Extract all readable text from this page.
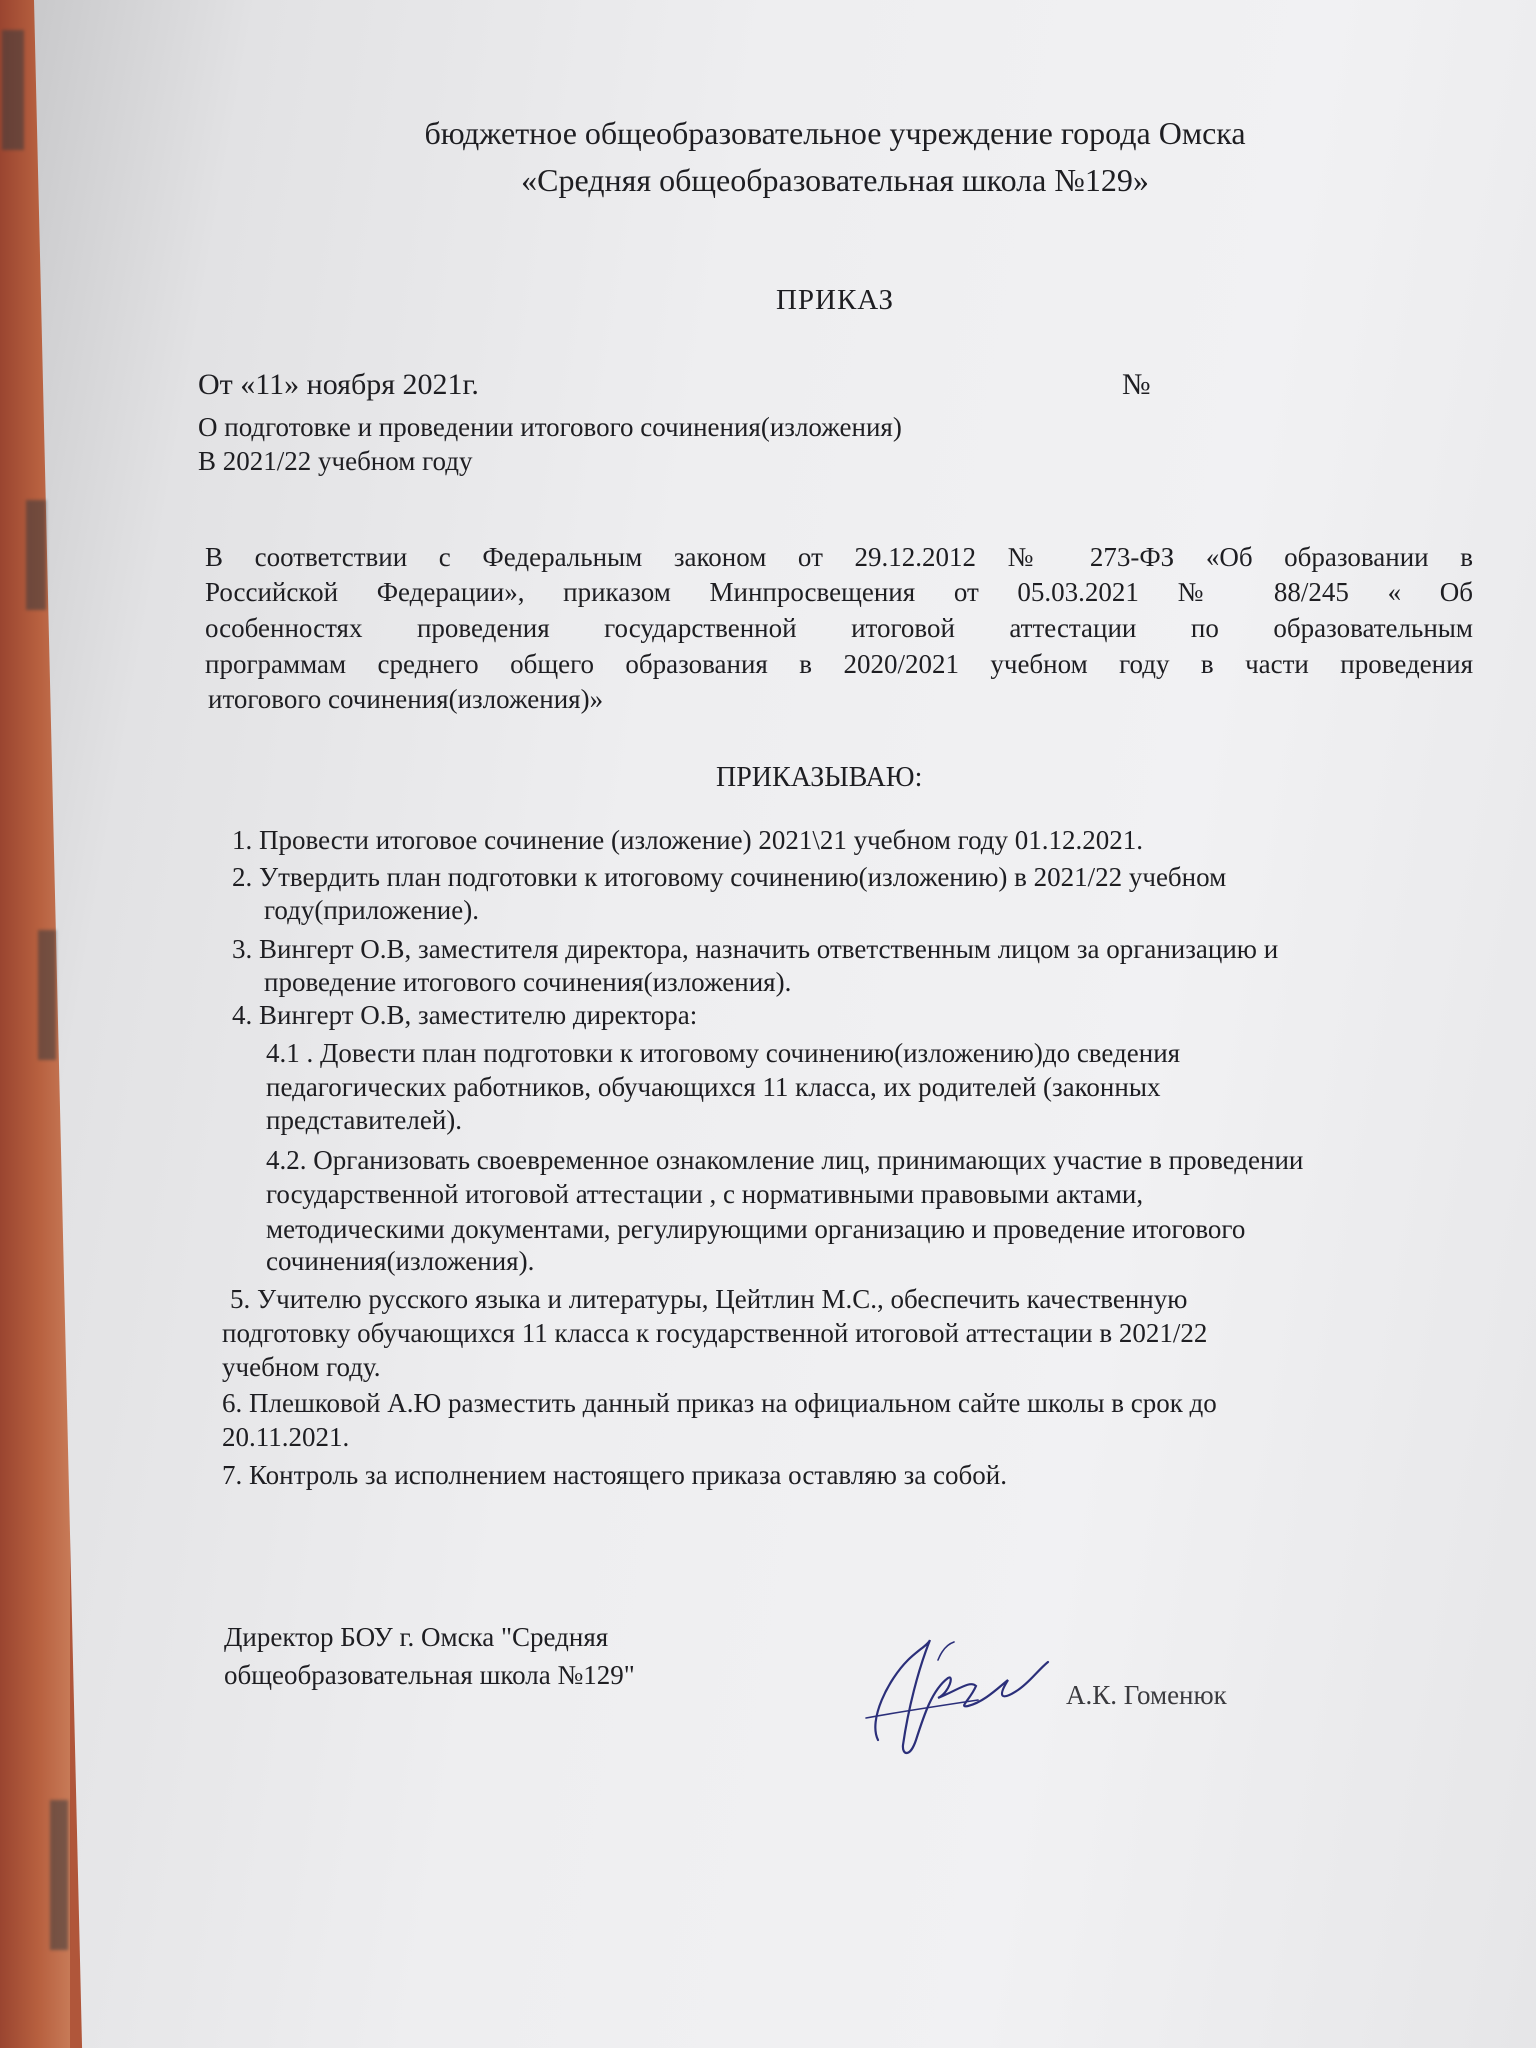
бюджетное общеобразовательное учреждение города Омска
«Средняя общеобразовательная школа №129»
ПРИКАЗ
От «11» ноября 2021г.	№
О подготовке и проведении итогового сочинения(изложения)
В 2021/22 учебном году
В соответствии с Федеральным законом от 29.12.2012 № 273-ФЗ «Об образовании в
Российской Федерации», приказом Минпросвещения от 05.03.2021 № 88/245 « Об
особенностях проведения государственной итоговой аттестации по образовательным
программам среднего общего образования в 2020/2021 учебном году в части проведения
итогового сочинения(изложения)»
ПРИКАЗЫВАЮ:
1. Провести итоговое сочинение (изложение) 2021\21 учебном году 01.12.2021.
2. Утвердить план подготовки к итоговому сочинению(изложению) в 2021/22 учебном
году(приложение).
3. Вингерт О.В, заместителя директора, назначить ответственным лицом за организацию и
проведение итогового сочинения(изложения).
4. Вингерт О.В, заместителю директора:
4.1 . Довести план подготовки к итоговому сочинению(изложению)до сведения
педагогических работников, обучающихся 11 класса, их родителей (законных
представителей).
4.2. Организовать своевременное ознакомление лиц, принимающих участие в проведении
государственной итоговой аттестации , с нормативными правовыми актами,
методическими документами, регулирующими организацию и проведение итогового
сочинения(изложения).
5. Учителю русского языка и литературы, Цейтлин М.С., обеспечить качественную
подготовку обучающихся 11 класса к государственной итоговой аттестации в 2021/22
учебном году.
6. Плешковой А.Ю разместить данный приказ на официальном сайте школы в срок до
20.11.2021.
7. Контроль за исполнением настоящего приказа оставляю за собой.
Директор БОУ г. Омска "Средняя
общеобразовательная школа №129"
А.К. Гоменюк
